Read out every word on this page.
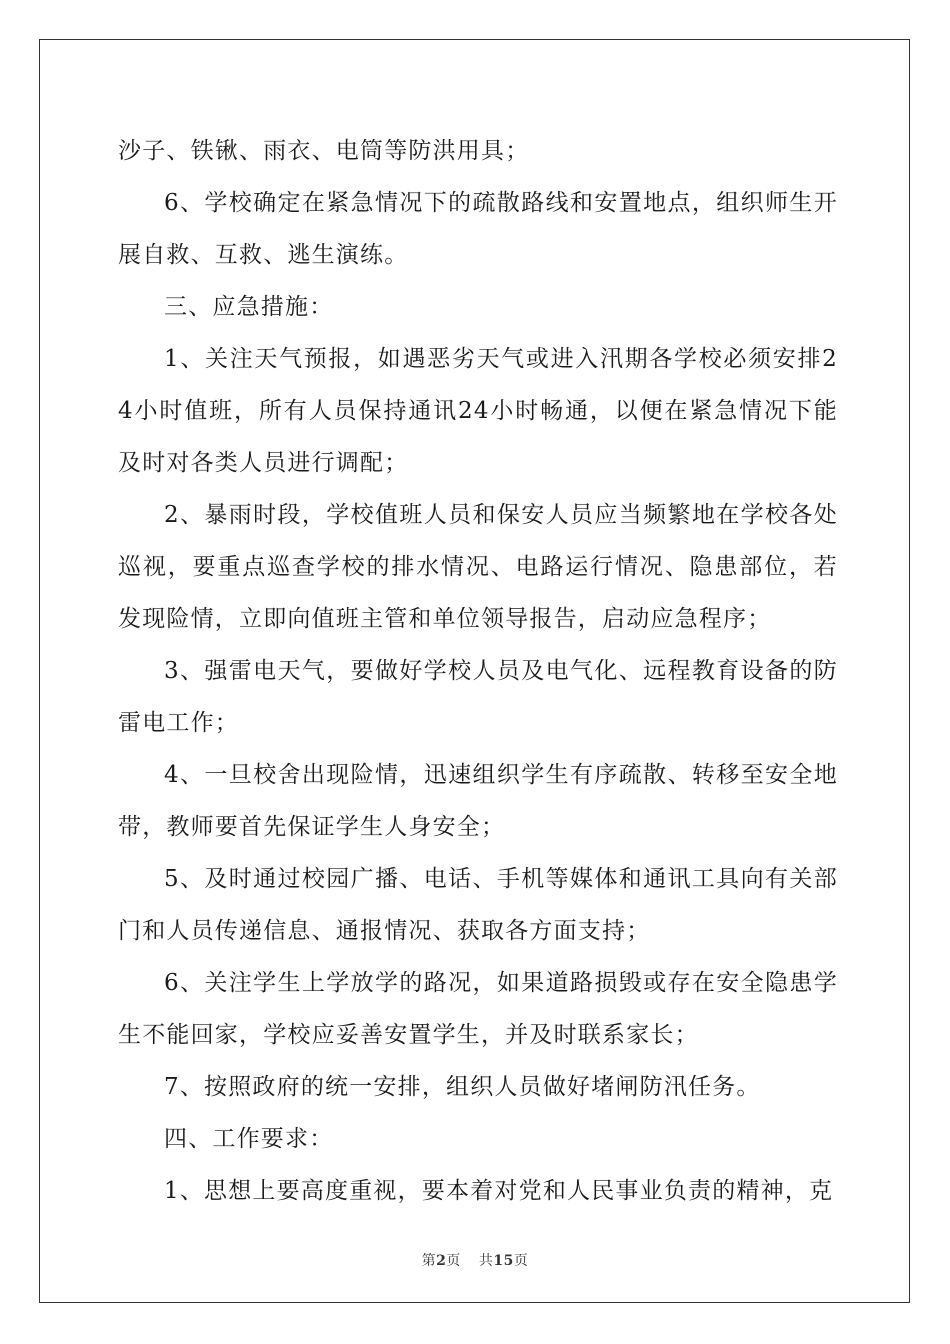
沙子、铁锹、雨衣、电筒等防洪用具；

6、学校确定在紧急情况下的疏散路线和安置地点，组织师生开展自救、互救、逃生演练。

三、应急措施：

1、关注天气预报，如遇恶劣天气或进入汛期各学校必须安排24小时值班，所有人员保持通讯24小时畅通，以便在紧急情况下能及时对各类人员进行调配；

2、暴雨时段，学校值班人员和保安人员应当频繁地在学校各处巡视，要重点巡查学校的排水情况、电路运行情况、隐患部位，若发现险情，立即向值班主管和单位领导报告，启动应急程序；

3、强雷电天气，要做好学校人员及电气化、远程教育设备的防雷电工作；

4、一旦校舍出现险情，迅速组织学生有序疏散、转移至安全地带，教师要首先保证学生人身安全；

5、及时通过校园广播、电话、手机等媒体和通讯工具向有关部门和人员传递信息、通报情况、获取各方面支持；

6、关注学生上学放学的路况，如果道路损毁或存在安全隐患学生不能回家，学校应妥善安置学生，并及时联系家长；

7、按照政府的统一安排，组织人员做好堵闸防汛任务。

四、工作要求：

1、思想上要高度重视，要本着对党和人民事业负责的精神，克

第2页 共15页
